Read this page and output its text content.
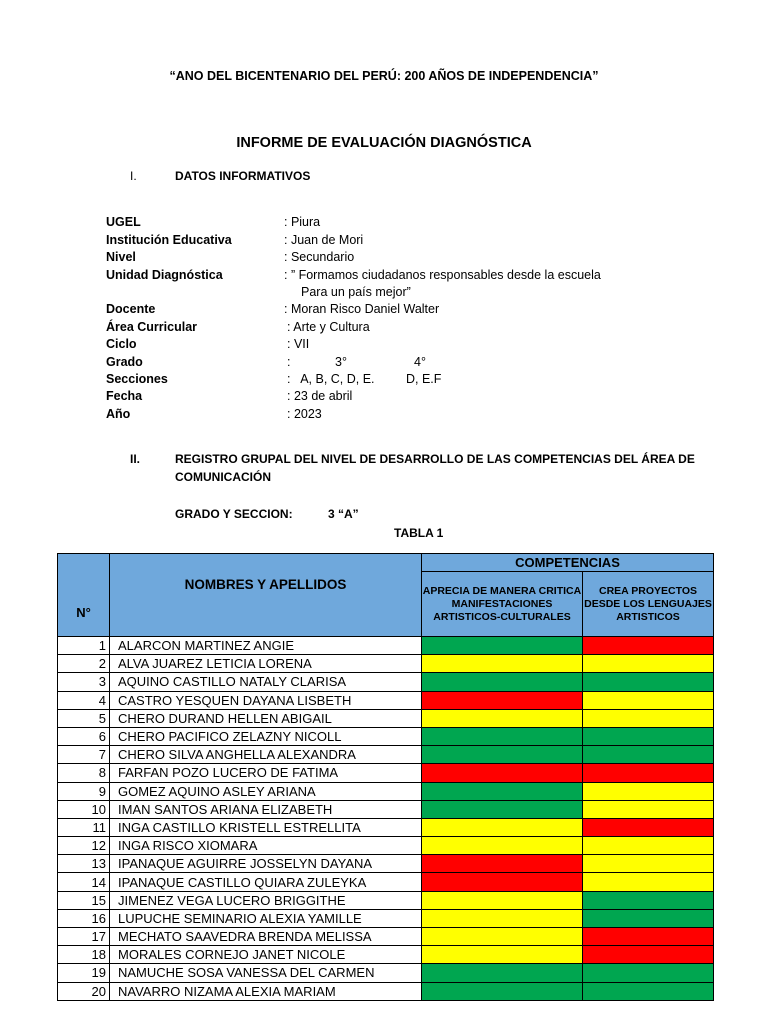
“ANO DEL BICENTENARIO DEL PERÚ: 200 AÑOS DE INDEPENDENCIA”
INFORME DE EVALUACIÓN DIAGNÓSTICA
I.	DATOS INFORMATIVOS
UGEL	: Piura
Institución Educativa	: Juan de Mori
Nivel	: Secundario
Unidad Diagnóstica	: ” Formamos ciudadanos responsables desde la escuela
Para un país mejor”
Docente	: Moran Risco Daniel Walter
Área Curricular	: Arte y Cultura
Ciclo	: VII
Grado	:	3°	4°
Secciones	:   A, B, C, D, E.	D, E.F
Fecha	: 23 de abril
Año	: 2023
II.	REGISTRO GRUPAL DEL NIVEL DE DESARROLLO DE LAS COMPETENCIAS DEL ÁREA DE
COMUNICACIÓN
GRADO Y SECCION:	3 “A”
TABLA 1
N°	NOMBRES Y APELLIDOS	COMPETENCIAS	
		APRECIA DE MANERA CRITICA MANIFESTACIONES ARTISTICOS-CULTURALES	CREA PROYECTOS DESDE LOS LENGUAJES ARTISTICOS
1	ALARCON MARTINEZ ANGIE		
2	ALVA JUAREZ LETICIA LORENA		
3	AQUINO CASTILLO NATALY CLARISA		
4	CASTRO YESQUEN DAYANA LISBETH		
5	CHERO DURAND HELLEN ABIGAIL		
6	CHERO PACIFICO ZELAZNY NICOLL		
7	CHERO SILVA ANGHELLA ALEXANDRA		
8	FARFAN POZO LUCERO DE FATIMA		
9	GOMEZ AQUINO ASLEY ARIANA		
10	IMAN SANTOS ARIANA ELIZABETH		
11	INGA CASTILLO KRISTELL ESTRELLITA		
12	INGA RISCO XIOMARA		
13	IPANAQUE AGUIRRE JOSSELYN DAYANA		
14	IPANAQUE CASTILLO QUIARA ZULEYKA		
15	JIMENEZ VEGA LUCERO BRIGGITHE		
16	LUPUCHE SEMINARIO ALEXIA YAMILLE		
17	MECHATO SAAVEDRA BRENDA MELISSA		
18	MORALES CORNEJO JANET NICOLE		
19	NAMUCHE SOSA VANESSA DEL CARMEN		
20	NAVARRO NIZAMA ALEXIA MARIAM		
